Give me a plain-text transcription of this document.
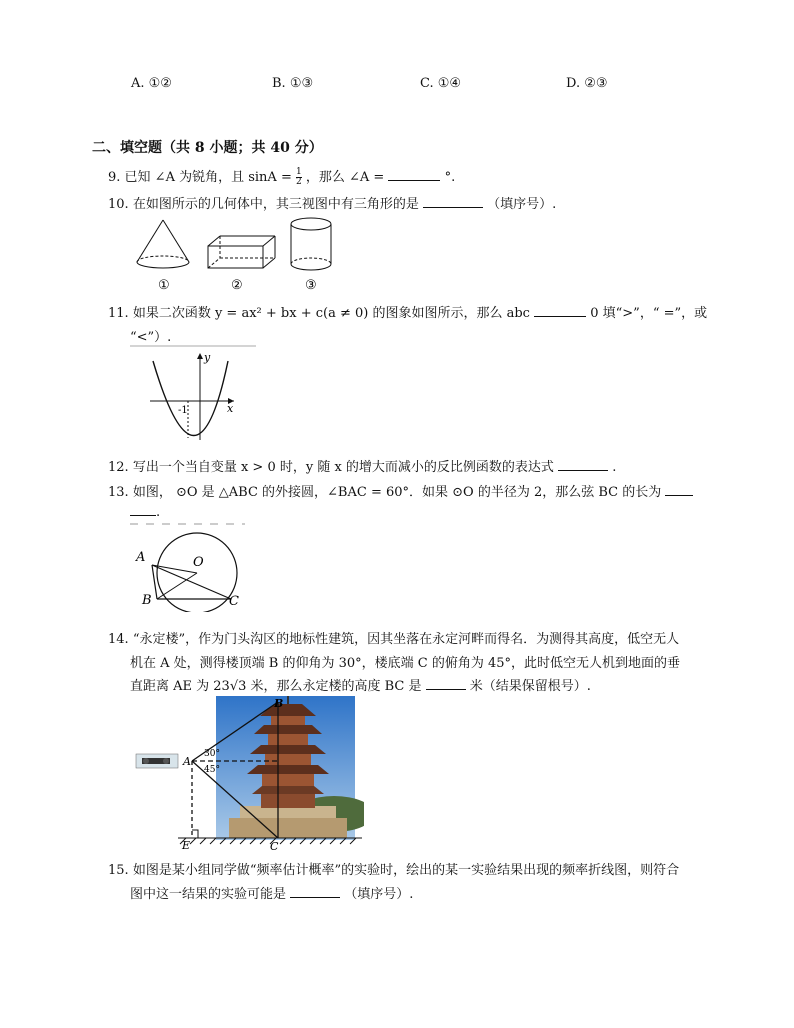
A. ①②	B. ①③	C. ①④	D. ②③
二、填空题（共 8 小题；共 40 分）
9. 已知 ∠A 为锐角，且 $\sin A = \frac{1}{2}$ ，那么 ∠A =	°.
10. 在如图所示的几何体中，其三视图中有三角形的是	（填序号）.
①	②	③
11. 如果二次函数 y = ax² + bx + c(a ≠ 0) 的图象如图所示，那么 abc	0 填“>”，“ =”，或
“<”）.
y
x
-1
12. 写出一个当自变量 x > 0 时，y 随 x 的增大而减小的反比例函数的表达式	.
13. 如图， ⊙O 是 △ABC 的外接圆，∠BAC = 60°．如果 ⊙O 的半径为 2，那么弦 BC 的长为
.
A	O
B	C
14. “永定楼”，作为门头沟区的地标性建筑，因其坐落在永定河畔而得名．为测得其高度，低空无人
机在 A 处，测得楼顶端 B 的仰角为 30°，楼底端 C 的俯角为 45°，此时低空无人机到地面的垂
直距离 AE 为 23√3 米，那么永定楼的高度 BC 是	米（结果保留根号）.
A
B
C
E
30°
45°
15. 如图是某小组同学做“频率估计概率”的实验时，绘出的某一实验结果出现的频率折线图，则符合
图中这一结果的实验可能是	（填序号）.
